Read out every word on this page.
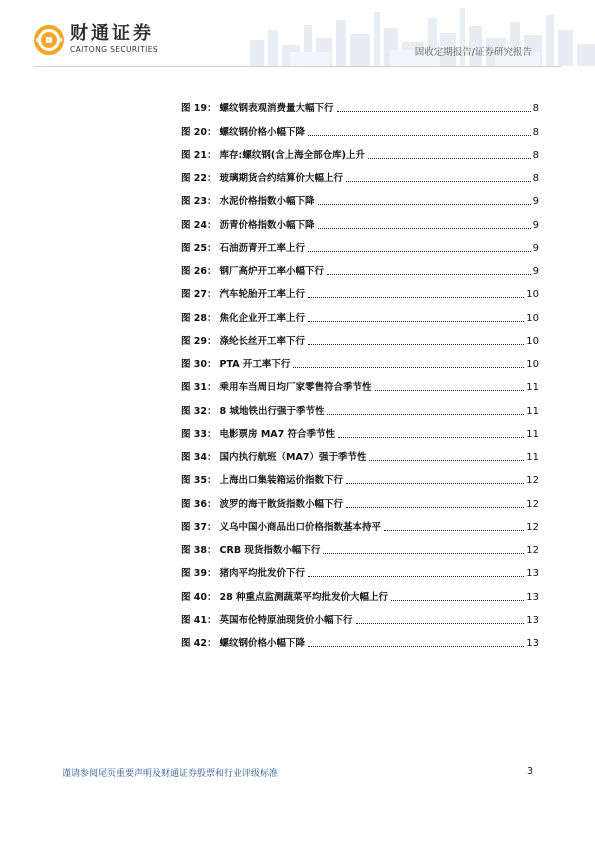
财通证券
CAITONG SECURITIES	固收定期报告/证券研究报告
图 19： 螺纹钢表观消费量大幅下行	8
图 20： 螺纹钢价格小幅下降	8
图 21： 库存:螺纹钢(含上海全部仓库)上升	8
图 22： 玻璃期货合约结算价大幅上行	8
图 23： 水泥价格指数小幅下降	9
图 24： 沥青价格指数小幅下降	9
图 25： 石油沥青开工率上行	9
图 26： 钢厂高炉开工率小幅下行	9
图 27： 汽车轮胎开工率上行	10
图 28： 焦化企业开工率上行	10
图 29： 涤纶长丝开工率下行	10
图 30： PTA 开工率下行	10
图 31： 乘用车当周日均厂家零售符合季节性	11
图 32： 8 城地铁出行强于季节性	11
图 33： 电影票房 MA7 符合季节性	11
图 34： 国内执行航班（MA7）强于季节性	11
图 35： 上海出口集装箱运价指数下行	12
图 36： 波罗的海干散货指数小幅下行	12
图 37： 义乌中国小商品出口价格指数基本持平	12
图 38： CRB 现货指数小幅下行	12
图 39： 猪肉平均批发价下行	13
图 40： 28 种重点监测蔬菜平均批发价大幅上行	13
图 41： 英国布伦特原油现货价小幅下行	13
图 42： 螺纹钢价格小幅下降	13
谨请参阅尾页重要声明及财通证券股票和行业评级标准	3
